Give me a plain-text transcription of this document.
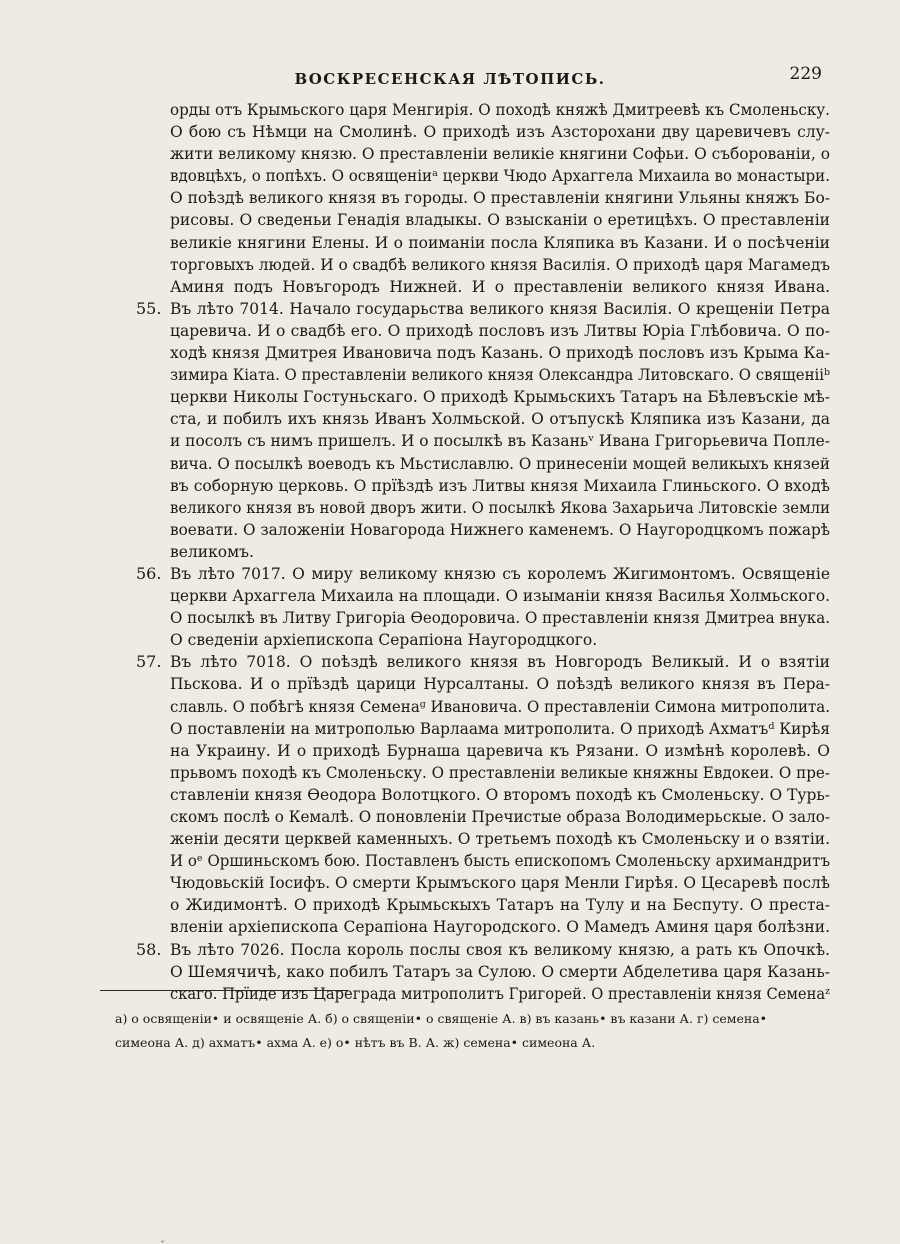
ВОСКРЕСЕНСКАЯ ЛѢТОПИСЬ.	229
орды отъ Крымьского царя Менгирія. О походѣ княжѣ Дмитреевѣ къ Смоленьску.
О бою съ Нѣмци на Смолинѣ. О приходѣ изъ Азсторохани дву царевичевъ слу-
жити великому князю. О преставленіи великіе княгини Софьи. О съборованіи, о
вдовцѣхъ, о попѣхъ. О освященіиᵃ церкви Чюдо Архаггела Михаила во монастыри.
О поѣздѣ великого князя въ городы. О преставленіи княгини Ульяны княжъ Бо-
рисовы. О сведеньи Генадія владыкы. О взысканіи о еретицѣхъ. О преставленіи
великіе княгини Елены. И о поиманіи посла Кляпика въ Казани. И о посѣченіи
торговыхъ людей. И о свадбѣ великого князя Василія. О приходѣ царя Магамедъ
Аминя подъ Новъгородъ Нижней. И о преставленіи великого князя Ивана.
55. Въ лѣто 7014. Начало государьства великого князя Василія. О крещеніи Петра
царевича. И о свадбѣ его. О приходѣ пословъ изъ Литвы Юріа Глѣбовича. О по-
ходѣ князя Дмитрея Ивановича подъ Казань. О приходѣ пословъ изъ Крыма Ка-
зимира Кіата. О преставленіи великого князя Олександра Литовскаго. О священііᵇ
церкви Николы Гостуньскаго. О приходѣ Крымьскихъ Татаръ на Бѣлевъскіе мѣ-
ста, и побилъ ихъ князь Иванъ Холмьской. О отъпускѣ Кляпика изъ Казани, да
и посолъ съ нимъ пришелъ. И о посылкѣ въ Казаньᵛ Ивана Григорьевича Попле-
вича. О посылкѣ воеводъ къ Мьстиславлю. О принесеніи мощей великыхъ князей
въ соборную церковь. О прїѣздѣ изъ Литвы князя Михаила Глиньского. О входѣ
великого князя въ новой дворъ жити. О посылкѣ Якова Захарьича Литовскіе земли
воевати. О заложеніи Новагорода Нижнего каменемъ. О Наугородцкомъ пожарѣ
великомъ.
56. Въ лѣто 7017. О миру великому князю съ королемъ Жигимонтомъ. Освященіе
церкви Архаггела Михаила на площади. О изыманіи князя Василья Холмьского.
О посылкѣ въ Литву Григоріа Өеодоровича. О преставленіи князя Дмитреа внука.
О сведеніи архіепископа Серапіона Наугородцкого.
57. Въ лѣто 7018. О поѣздѣ великого князя въ Новгородъ Великый. И о взятіи
Пьскова. И о прїѣздѣ царици Нурсалтаны. О поѣздѣ великого князя въ Пера-
славль. О побѣгѣ князя Семенаᵍ Ивановича. О преставленіи Симона митрополита.
О поставленіи на митрополью Варлаама митрополита. О приходѣ Ахматъᵈ Кирѣя
на Украину. И о приходѣ Бурнаша царевича къ Рязани. О измѣнѣ королевѣ. О
прьвомъ походѣ къ Смоленьску. О преставленіи великые княжны Евдокеи. О пре-
ставленіи князя Өеодора Волотцкого. О второмъ походѣ къ Смоленьску. О Турь-
скомъ послѣ о Кемалѣ. О поновленіи Пречистые образа Володимерьскые. О зало-
женіи десяти церквей каменныхъ. О третьемъ походѣ къ Смоленьску и о взятіи.
И оᵉ Оршиньскомъ бою. Поставленъ бысть епископомъ Смоленьску архимандритъ
Чюдовьскій Іосифъ. О смерти Крымъского царя Менли Гирѣя. О Цесаревѣ послѣ
о Жидимонтѣ. О приходѣ Крымьскыхъ Татаръ на Тулу и на Беспуту. О преста-
вленіи архіепископа Серапіона Наугородского. О Мамедъ Аминя царя болѣзни.
58. Въ лѣто 7026. Посла король послы своя къ великому князю, а рать къ Опочкѣ.
О Шемячичѣ, како побилъ Татаръ за Сулою. О смерти Абделетива царя Казань-
скаго. Прїиде изъ Цареграда митрополитъ Григорей. О преставленіи князя Семенаᶻ
а) о освященіи• и освященіе А. б) о священіи• о священіе А. в) въ казань• въ казани А. г) семена•
симеона А. д) ахматъ• ахма А. е) о• нѣтъ въ В. А. ж) семена• симеона А.
˯
